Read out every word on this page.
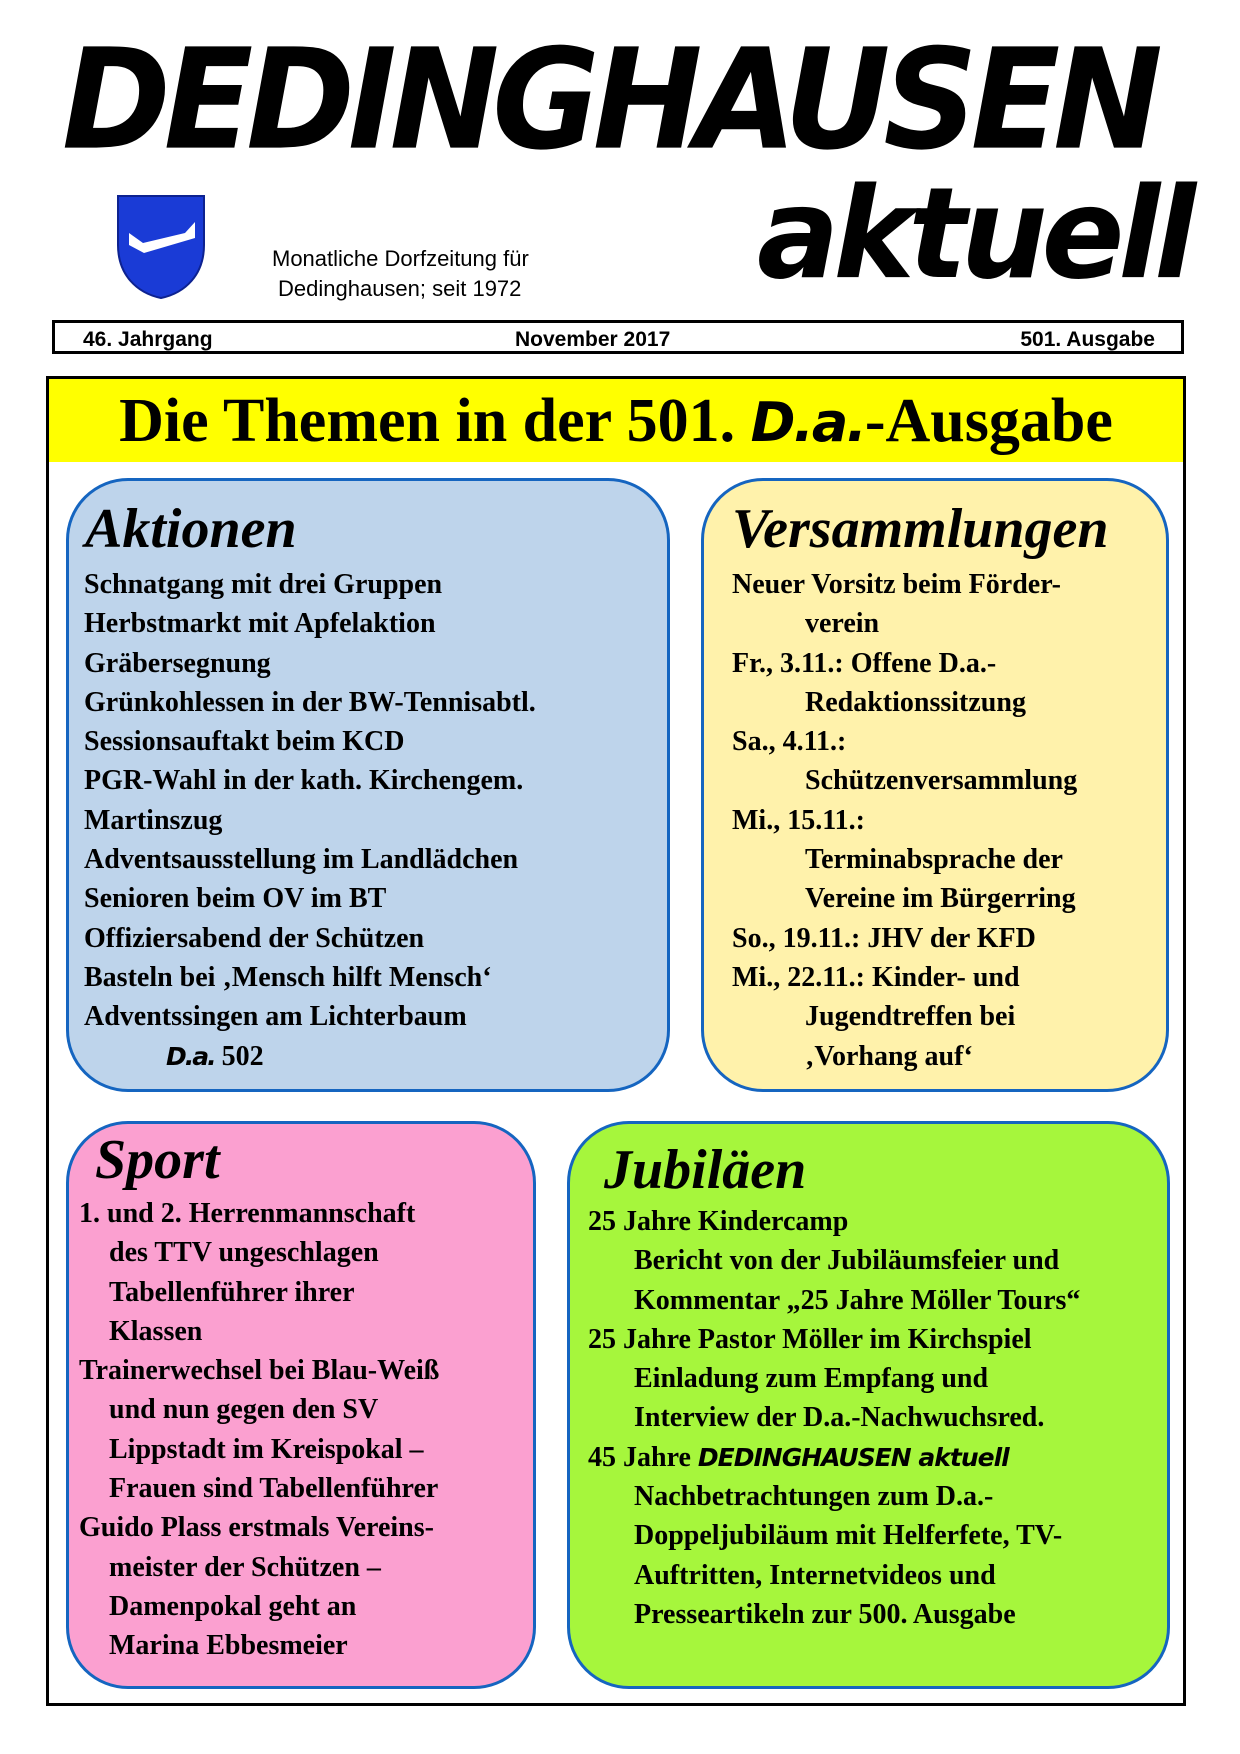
DEDINGHAUSEN
aktuell
Monatliche Dorfzeitung für
Dedinghausen; seit 1972
46. Jahrgang	November 2017	501. Ausgabe
Die Themen in der 501. D.a.-Ausgabe
Aktionen
Schnatgang mit drei Gruppen
Herbstmarkt mit Apfelaktion
Gräbersegnung
Grünkohlessen in der BW-Tennisabtl.
Sessionsauftakt beim KCD
PGR-Wahl in der kath. Kirchengem.
Martinszug
Adventsausstellung im Landlädchen
Senioren beim OV im BT
Offiziersabend der Schützen
Basteln bei ‚Mensch hilft Mensch‘
Adventssingen am Lichterbaum
D.a. 502
Versammlungen
Neuer Vorsitz beim Förder-
verein
Fr., 3.11.: Offene D.a.-
Redaktionssitzung
Sa., 4.11.:
Schützenversammlung
Mi., 15.11.:
Terminabsprache der
Vereine im Bürgerring
So., 19.11.: JHV der KFD
Mi., 22.11.: Kinder- und
Jugendtreffen bei
‚Vorhang auf‘
Sport
1. und 2. Herrenmannschaft
des TTV ungeschlagen
Tabellenführer ihrer
Klassen
Trainerwechsel bei Blau-Weiß
und nun gegen den SV
Lippstadt im Kreispokal –
Frauen sind Tabellenführer
Guido Plass erstmals Vereins-
meister der Schützen –
Damenpokal geht an
Marina Ebbesmeier
Jubiläen
25 Jahre Kindercamp
Bericht von der Jubiläumsfeier und
Kommentar „25 Jahre Möller Tours“
25 Jahre Pastor Möller im Kirchspiel
Einladung zum Empfang und
Interview der D.a.-Nachwuchsred.
45 Jahre DEDINGHAUSEN aktuell
Nachbetrachtungen zum D.a.-
Doppeljubiläum mit Helferfete, TV-
Auftritten, Internetvideos und
Presseartikeln zur 500. Ausgabe
